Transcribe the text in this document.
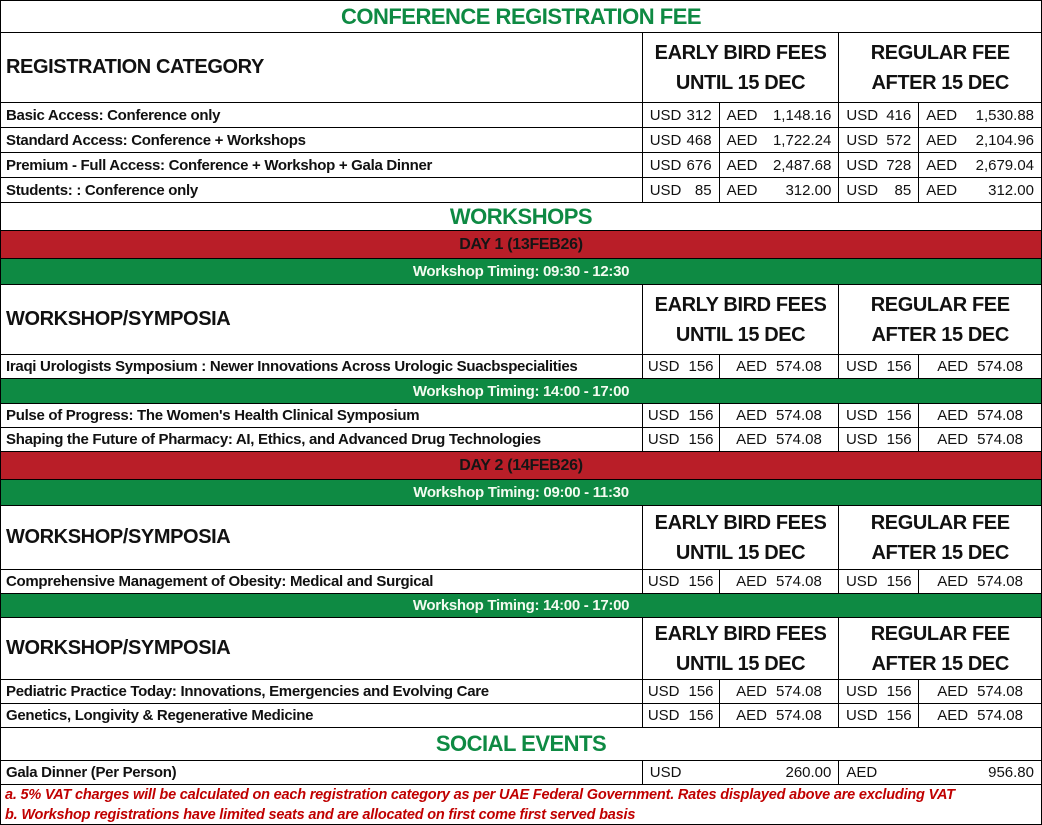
CONFERENCE REGISTRATION FEE
REGISTRATION CATEGORY
EARLY BIRD FEES
UNTIL 15 DEC
REGULAR FEE
AFTER 15 DEC
Basic Access: Conference only	USD 312 AED 1,148.16 USD 416 AED 1,530.88
Standard Access: Conference + Workshops	USD 468 AED 1,722.24 USD 572 AED 2,104.96
Premium - Full Access: Conference + Workshop + Gala Dinner	USD 676 AED 2,487.68 USD 728 AED 2,679.04
Students: : Conference only	USD 85 AED 312.00 USD 85 AED 312.00
WORKSHOPS
DAY 1 (13FEB26)
Workshop Timing: 09:30 - 12:30
WORKSHOP/SYMPOSIA
EARLY BIRD FEES
UNTIL 15 DEC
REGULAR FEE
AFTER 15 DEC
Iraqi Urologists Symposium : Newer Innovations Across Urologic Suacbspecialities	USD 156 AED 574.08 USD 156 AED 574.08
Workshop Timing: 14:00 - 17:00
Pulse of Progress: The Women's Health Clinical Symposium	USD 156 AED 574.08 USD 156 AED 574.08
Shaping the Future of Pharmacy: AI, Ethics, and Advanced Drug Technologies	USD 156 AED 574.08 USD 156 AED 574.08
DAY 2 (14FEB26)
Workshop Timing: 09:00 - 11:30
WORKSHOP/SYMPOSIA
EARLY BIRD FEES
UNTIL 15 DEC
REGULAR FEE
AFTER 15 DEC
Comprehensive Management of Obesity: Medical and Surgical	USD 156 AED 574.08 USD 156 AED 574.08
Workshop Timing: 14:00 - 17:00
WORKSHOP/SYMPOSIA
EARLY BIRD FEES
UNTIL 15 DEC
REGULAR FEE
AFTER 15 DEC
Pediatric Practice Today: Innovations, Emergencies and Evolving Care	USD 156 AED 574.08 USD 156 AED 574.08
Genetics, Longivity & Regenerative Medicine	USD 156 AED 574.08 USD 156 AED 574.08
SOCIAL EVENTS
Gala Dinner (Per Person)	USD	260.00 AED	956.80
a. 5% VAT charges will be calculated on each registration category as per UAE Federal Government. Rates displayed above are excluding VAT
b. Workshop registrations have limited seats and are allocated on first come first served basis
